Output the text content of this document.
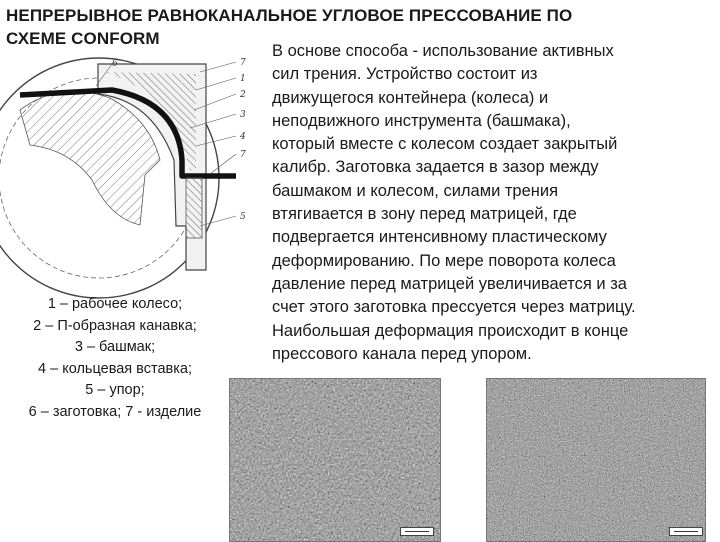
НЕПРЕРЫВНОЕ РАВНОКАНАЛЬНОЕ УГЛОВОЕ ПРЕССОВАНИЕ ПО
СХЕМЕ CONFORM
В основе способа - использование активных
сил трения. Устройство состоит из
движущегося контейнера (колеса) и
неподвижного инструмента (башмака),
который вместе с колесом создает закрытый
калибр. Заготовка задается в зазор между
башмаком и колесом, силами трения
втягивается в зону перед матрицей, где
подвергается интенсивному пластическому
деформированию. По мере поворота колеса
давление перед матрицей увеличивается и за
счет этого заготовка прессуется через матрицу.
Наибольшая деформация происходит в конце
прессового канала перед упором.
6	7
1
2
3
4
7
5
1 – рабочее колесо;
2 – П-образная канавка;
3 – башмак;
4 – кольцевая вставка;
5 – упор;
6 – заготовка; 7 - изделие
